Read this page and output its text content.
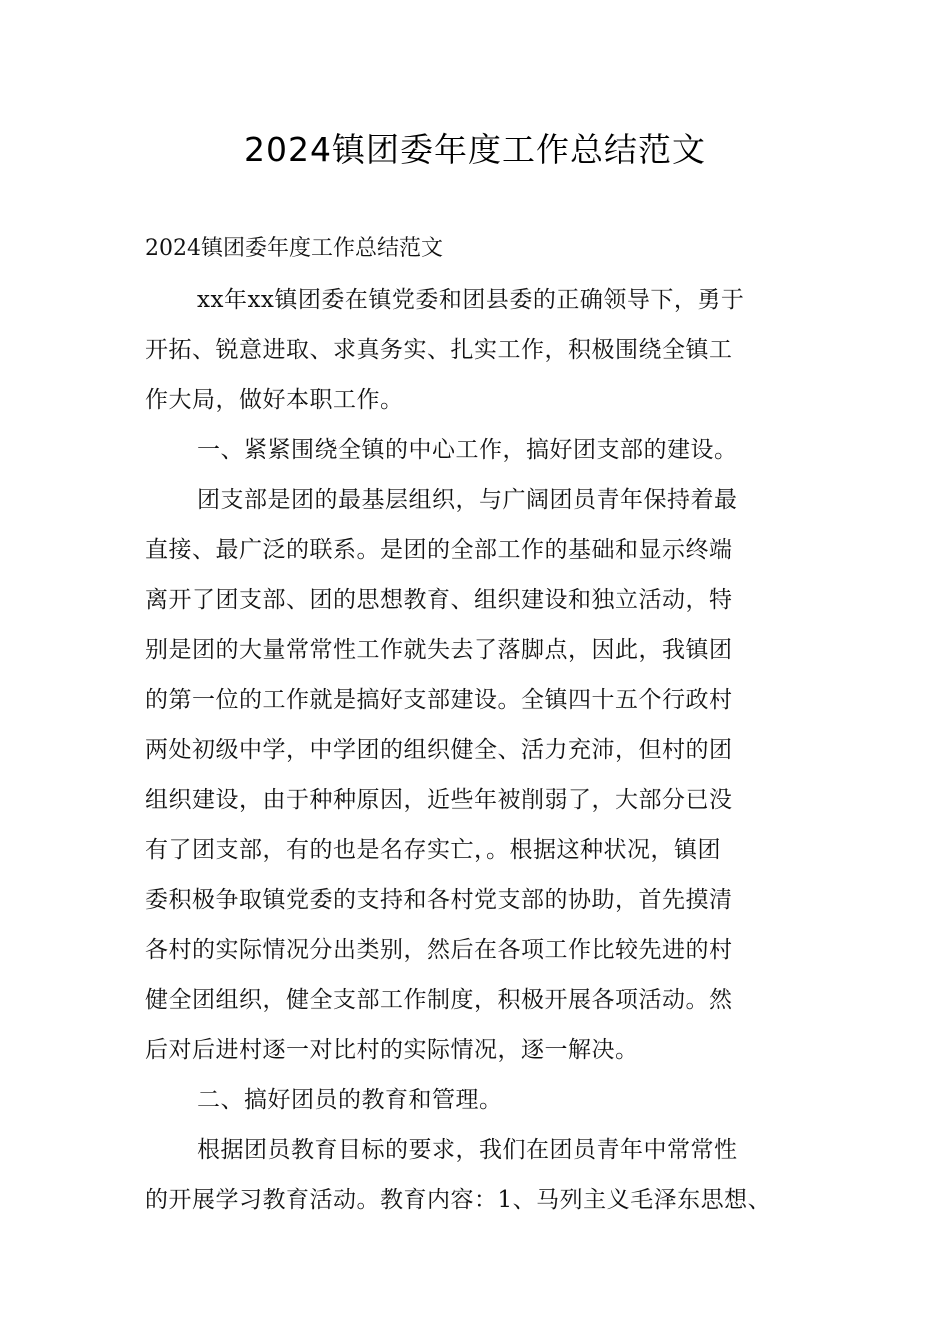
2024镇团委年度工作总结范文
2024镇团委年度工作总结范文
xx年xx镇团委在镇党委和团县委的正确领导下，勇于
开拓、锐意进取、求真务实、扎实工作，积极围绕全镇工
作大局，做好本职工作。
一、紧紧围绕全镇的中心工作，搞好团支部的建设。
团支部是团的最基层组织，与广阔团员青年保持着最
直接、最广泛的联系。是团的全部工作的基础和显示终端
离开了团支部、团的思想教育、组织建设和独立活动，特
别是团的大量常常性工作就失去了落脚点，因此，我镇团
的第一位的工作就是搞好支部建设。全镇四十五个行政村
两处初级中学，中学团的组织健全、活力充沛，但村的团
组织建设，由于种种原因，近些年被削弱了，大部分已没
有了团支部，有的也是名存实亡，。根据这种状况，镇团
委积极争取镇党委的支持和各村党支部的协助，首先摸清
各村的实际情况分出类别，然后在各项工作比较先进的村
健全团组织，健全支部工作制度，积极开展各项活动。然
后对后进村逐一对比村的实际情况，逐一解决。
二、搞好团员的教育和管理。
根据团员教育目标的要求，我们在团员青年中常常性
的开展学习教育活动。教育内容：1、马列主义毛泽东思想、
